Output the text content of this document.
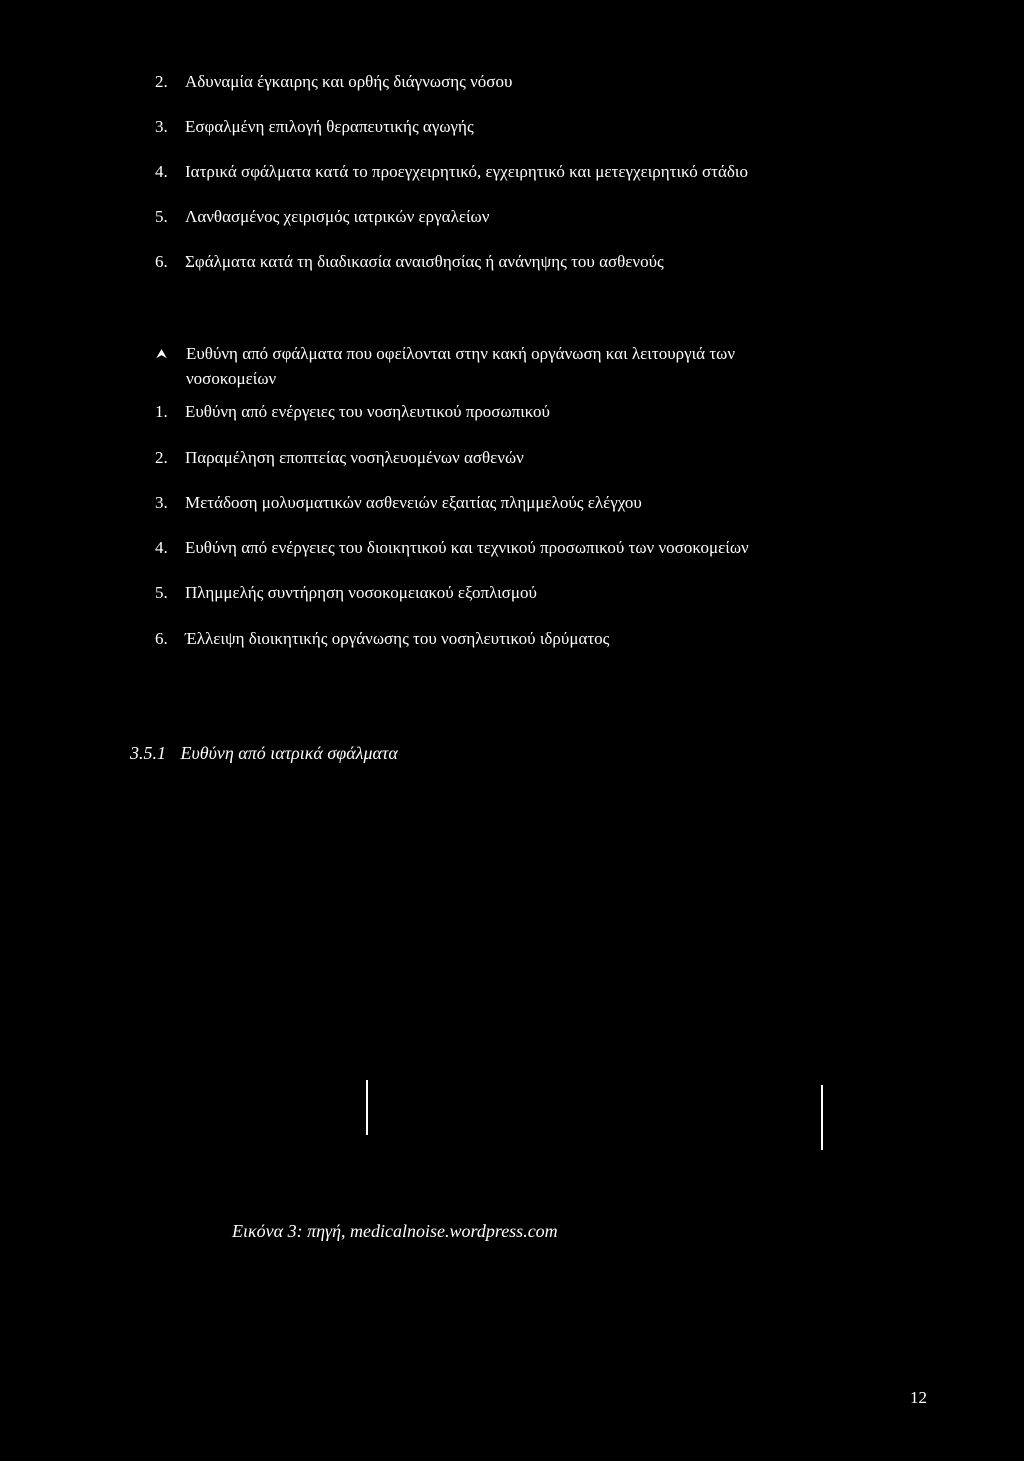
2.	Αδυναμία έγκαιρης και ορθής διάγνωσης νόσου
3.	Εσφαλμένη επιλογή θεραπευτικής αγωγής
4.	Ιατρικά σφάλματα κατά το προεγχειρητικό, εγχειρητικό και μετεγχειρητικό στάδιο
5.	Λανθασμένος χειρισμός ιατρικών εργαλείων
6.	Σφάλματα κατά τη διαδικασία αναισθησίας ή ανάνηψης του ασθενούς
⮝ Ευθύνη από σφάλματα που οφείλονται στην κακή οργάνωση και λειτουργιά των
νοσοκομείων
1.	Ευθύνη από ενέργειες του νοσηλευτικού προσωπικού
2.	Παραμέληση εποπτείας νοσηλευομένων ασθενών
3.	Μετάδοση μολυσματικών ασθενειών εξαιτίας πλημμελούς ελέγχου
4.	Ευθύνη από ενέργειες του διοικητικού και τεχνικού προσωπικού των νοσοκομείων
5.	Πλημμελής συντήρηση νοσοκομειακού εξοπλισμού
6.	Έλλειψη διοικητικής οργάνωσης του νοσηλευτικού ιδρύματος
3.5.1 Ευθύνη από ιατρικά σφάλματα
Εικόνα 3: πηγή, medicalnoise.wordpress.com
12
